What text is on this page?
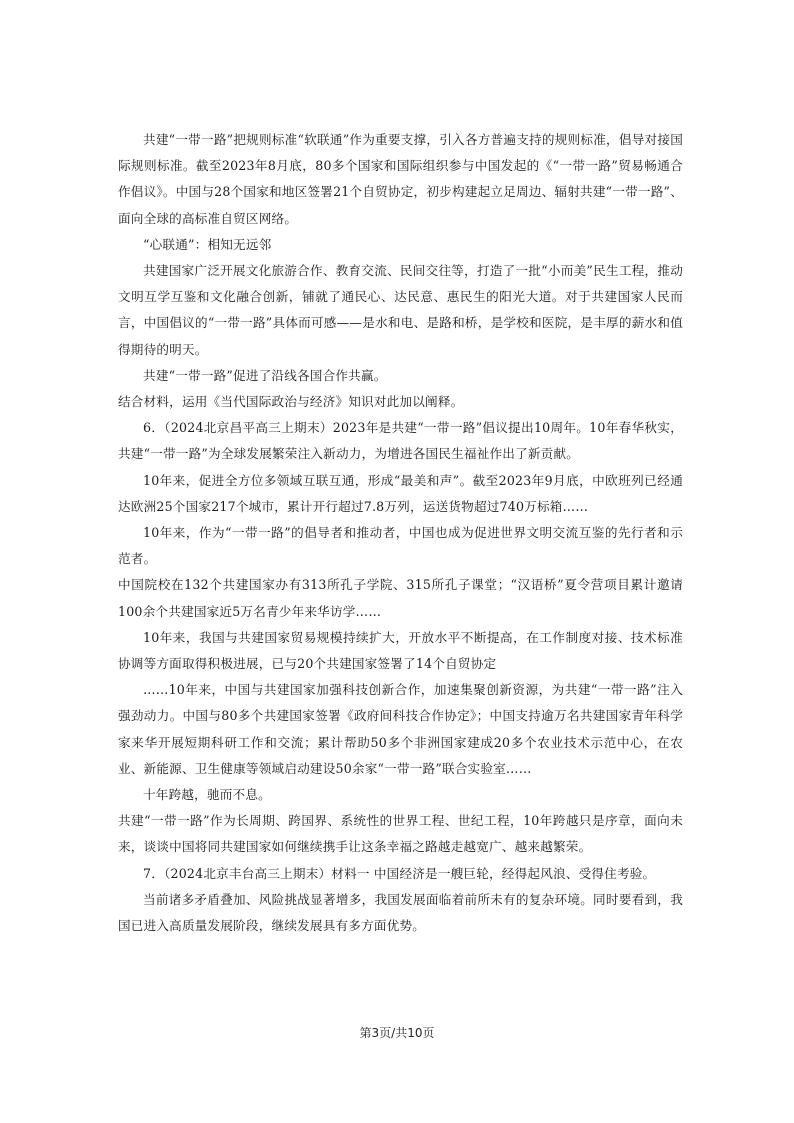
共建“一带一路”把规则标准“软联通”作为重要支撑，引入各方普遍支持的规则标准，倡导对接国际规则标准。截至2023年8月底，80多个国家和国际组织参与中国发起的《“一带一路”贸易畅通合作倡议》。中国与28个国家和地区签署21个自贸协定，初步构建起立足周边、辐射共建“一带一路”、面向全球的高标准自贸区网络。

“心联通”：相知无远邻

共建国家广泛开展文化旅游合作、教育交流、民间交往等，打造了一批“小而美”民生工程，推动文明互学互鉴和文化融合创新，铺就了通民心、达民意、惠民生的阳光大道。对于共建国家人民而言，中国倡议的“一带一路”具体而可感——是水和电、是路和桥，是学校和医院，是丰厚的薪水和值得期待的明天。

共建“一带一路”促进了沿线各国合作共赢。

结合材料，运用《当代国际政治与经济》知识对此加以阐释。

6．（2024北京昌平高三上期末）2023年是共建“一带一路”倡议提出10周年。10年春华秋实，共建“一带一路”为全球发展繁荣注入新动力，为增进各国民生福祉作出了新贡献。

10年来，促进全方位多领域互联互通，形成“最美和声”。截至2023年9月底，中欧班列已经通达欧洲25个国家217个城市，累计开行超过7.8万列，运送货物超过740万标箱……

10年来，作为“一带一路”的倡导者和推动者，中国也成为促进世界文明交流互鉴的先行者和示范者。

中国院校在132个共建国家办有313所孔子学院、315所孔子课堂；“汉语桥”夏令营项目累计邀请100余个共建国家近5万名青少年来华访学……

10年来，我国与共建国家贸易规模持续扩大，开放水平不断提高，在工作制度对接、技术标准协调等方面取得积极进展，已与20个共建国家签署了14个自贸协定

……10年来，中国与共建国家加强科技创新合作，加速集聚创新资源，为共建“一带一路”注入强劲动力。中国与80多个共建国家签署《政府间科技合作协定》；中国支持逾万名共建国家青年科学家来华开展短期科研工作和交流；累计帮助50多个非洲国家建成20多个农业技术示范中心，在农业、新能源、卫生健康等领域启动建设50余家“一带一路”联合实验室……

十年跨越，驰而不息。

共建“一带一路”作为长周期、跨国界、系统性的世界工程、世纪工程，10年跨越只是序章，面向未来，谈谈中国将同共建国家如何继续携手让这条幸福之路越走越宽广、越来越繁荣。

7．（2024北京丰台高三上期末）材料一 中国经济是一艘巨轮，经得起风浪、受得住考验。

当前诸多矛盾叠加、风险挑战显著增多，我国发展面临着前所未有的复杂环境。同时要看到，我国已进入高质量发展阶段，继续发展具有多方面优势。

第3页/共10页
